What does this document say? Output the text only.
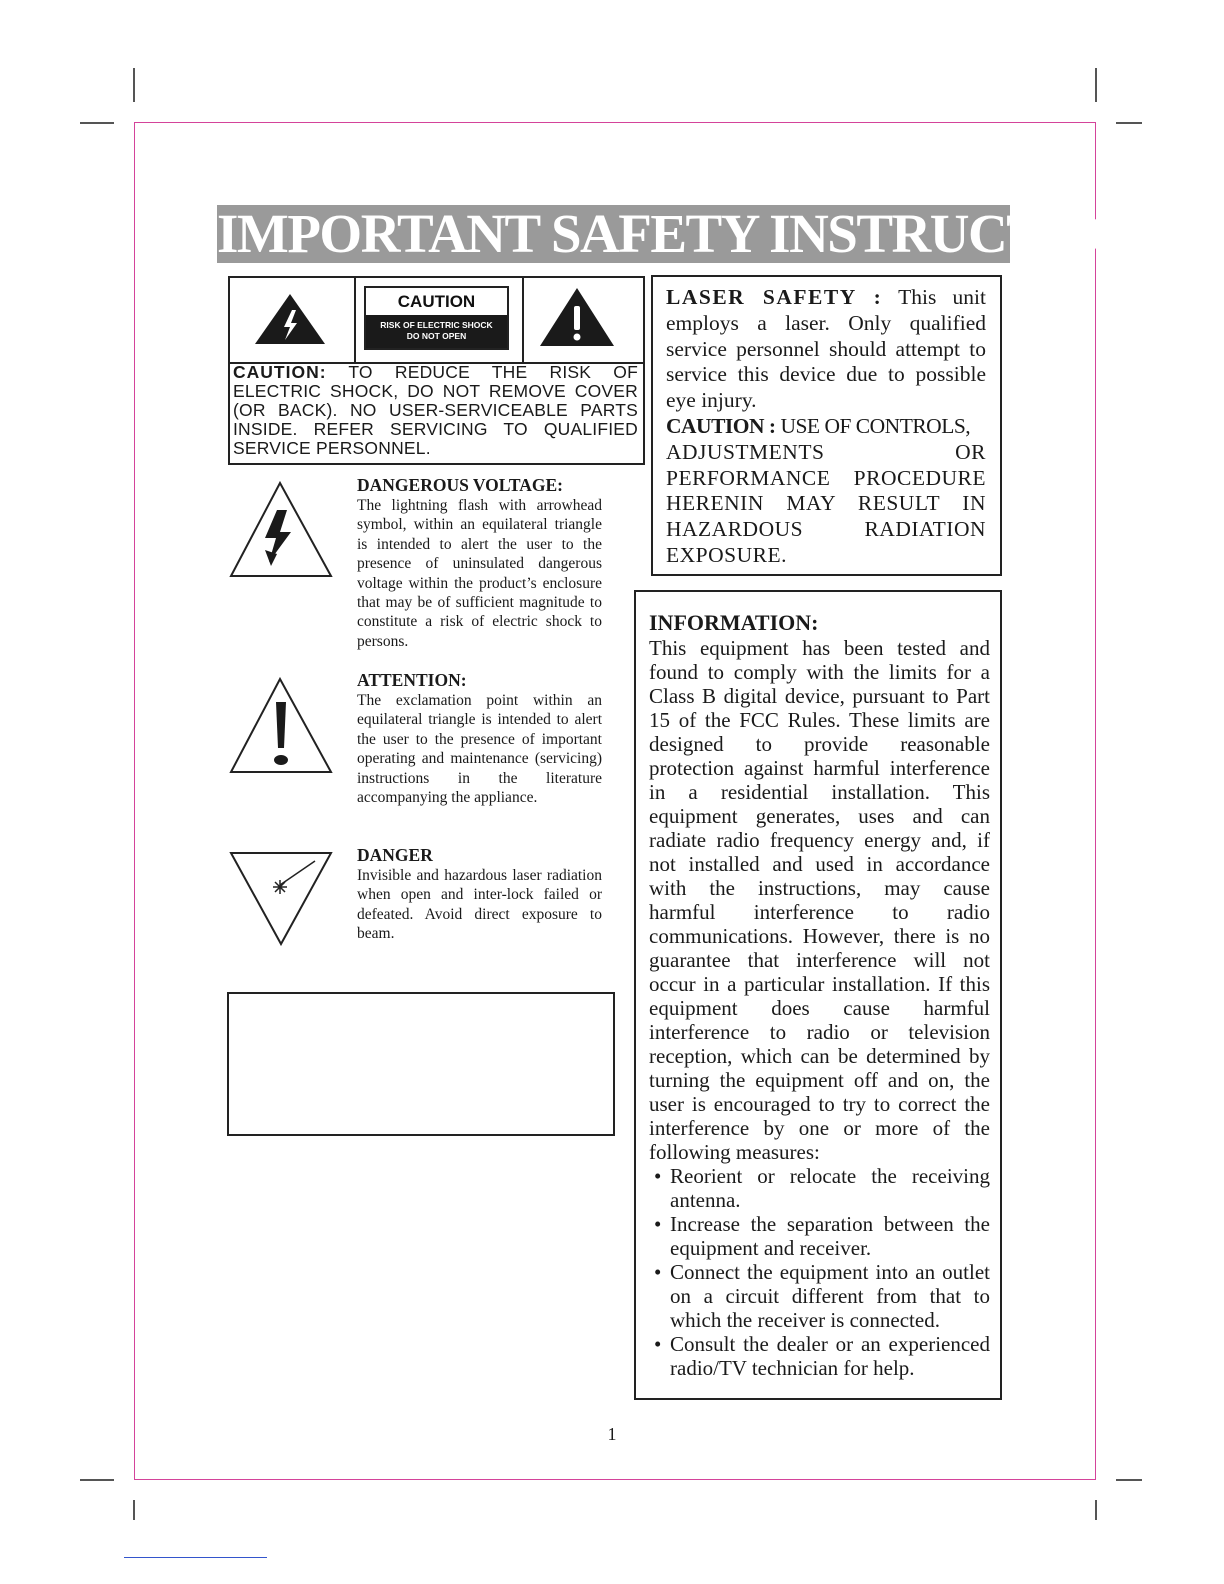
IMPORTANT SAFETY INSTRUCTION
CAUTION
RISK OF ELECTRIC SHOCK
DO NOT OPEN
CAUTION: TO REDUCE THE RISK OF ELECTRIC SHOCK, DO NOT REMOVE COVER (OR BACK). NO USER-SERVICEABLE PARTS INSIDE. REFER SERVICING TO QUALIFIED SERVICE PERSONNEL.
DANGEROUS VOLTAGE:
The lightning flash with arrowhead symbol, within an equilateral triangle is intended to alert the user to the presence of uninsulated dangerous voltage within the product’s enclosure that may be of sufficient magnitude to constitute a risk of electric shock to persons.
ATTENTION:
The exclamation point within an equilateral triangle is intended to alert the user to the presence of important operating and maintenance (servicing) instructions in the literature accompanying the appliance.
DANGER
Invisible and hazardous laser radiation when open and inter-lock failed or defeated. Avoid direct exposure to beam.
LASER SAFETY : This unit employs a laser. Only qualified service personnel should attempt to service this device due to possible eye injury.
CAUTION : USE OF CONTROLS,
ADJUSTMENTS OR PERFORMANCE PROCEDURE HERENIN MAY RESULT IN HAZARDOUS RADIATION EXPOSURE.
INFORMATION:
This equipment has been tested and found to comply with the limits for a Class B digital device, pursuant to Part 15 of the FCC Rules. These limits are designed to provide reasonable protection against harmful interference in a residential installation. This equipment generates, uses and can radiate radio frequency energy and, if not installed and used in accordance with the instructions, may cause harmful interference to radio communications. However, there is no guarantee that interference will not occur in a particular installation. If this equipment does cause harmful interference to radio or television reception, which can be determined by turning the equipment off and on, the user is encouraged to try to correct the interference by one or more of the following measures:
• Reorient or relocate the receiving antenna.
• Increase the separation between the equipment and receiver.
• Connect the equipment into an outlet on a circuit different from that to which the receiver is connected.
• Consult the dealer or an experienced radio/TV technician for help.
1
